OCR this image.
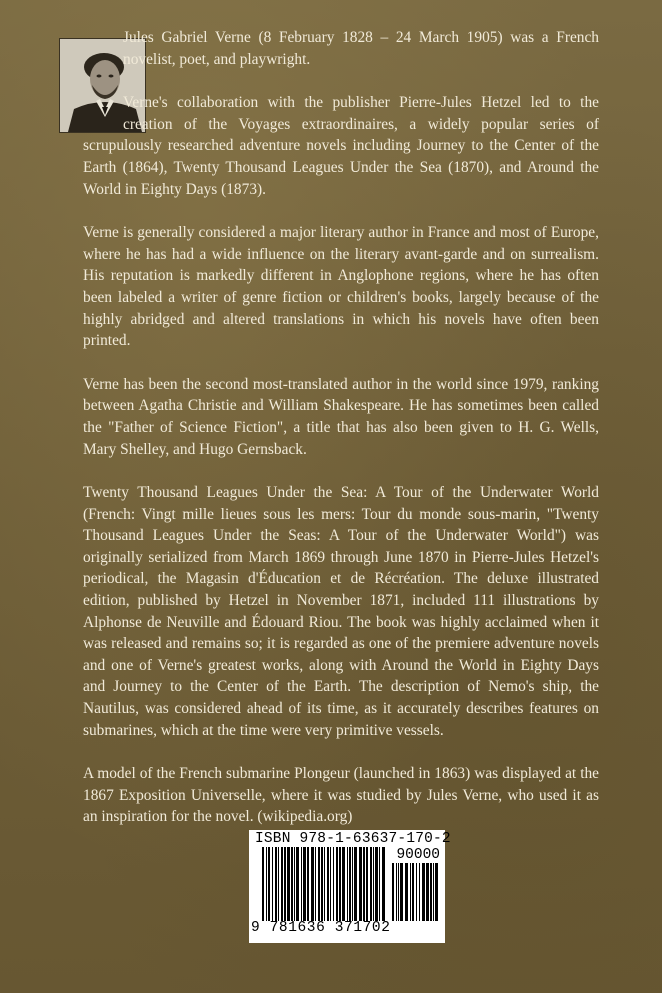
Jules Gabriel Verne (8 February 1828 – 24 March 1905) was a French novelist, poet, and playwright.

Verne's collaboration with the publisher Pierre-Jules Hetzel led to the creation of the Voyages extraordinaires, a widely popular series of scrupulously researched adventure novels including Journey to the Center of the Earth (1864), Twenty Thousand Leagues Under the Sea (1870), and Around the World in Eighty Days (1873).

Verne is generally considered a major literary author in France and most of Europe, where he has had a wide influence on the literary avant-garde and on surrealism. His reputation is markedly different in Anglophone regions, where he has often been labeled a writer of genre fiction or children's books, largely because of the highly abridged and altered translations in which his novels have often been printed.

Verne has been the second most-translated author in the world since 1979, ranking between Agatha Christie and William Shakespeare. He has sometimes been called the "Father of Science Fiction", a title that has also been given to H. G. Wells, Mary Shelley, and Hugo Gernsback.

Twenty Thousand Leagues Under the Sea: A Tour of the Underwater World (French: Vingt mille lieues sous les mers: Tour du monde sous-marin, "Twenty Thousand Leagues Under the Seas: A Tour of the Underwater World") was originally serialized from March 1869 through June 1870 in Pierre-Jules Hetzel's periodical, the Magasin d'Éducation et de Récréation. The deluxe illustrated edition, published by Hetzel in November 1871, included 111 illustrations by Alphonse de Neuville and Édouard Riou. The book was highly acclaimed when it was released and remains so; it is regarded as one of the premiere adventure novels and one of Verne's greatest works, along with Around the World in Eighty Days and Journey to the Center of the Earth. The description of Nemo's ship, the Nautilus, was considered ahead of its time, as it accurately describes features on submarines, which at the time were very primitive vessels.

A model of the French submarine Plongeur (launched in 1863) was displayed at the 1867 Exposition Universelle, where it was studied by Jules Verne, who used it as an inspiration for the novel. (wikipedia.org)

ISBN 978-1-63637-170-2
90000
9 781636 371702
